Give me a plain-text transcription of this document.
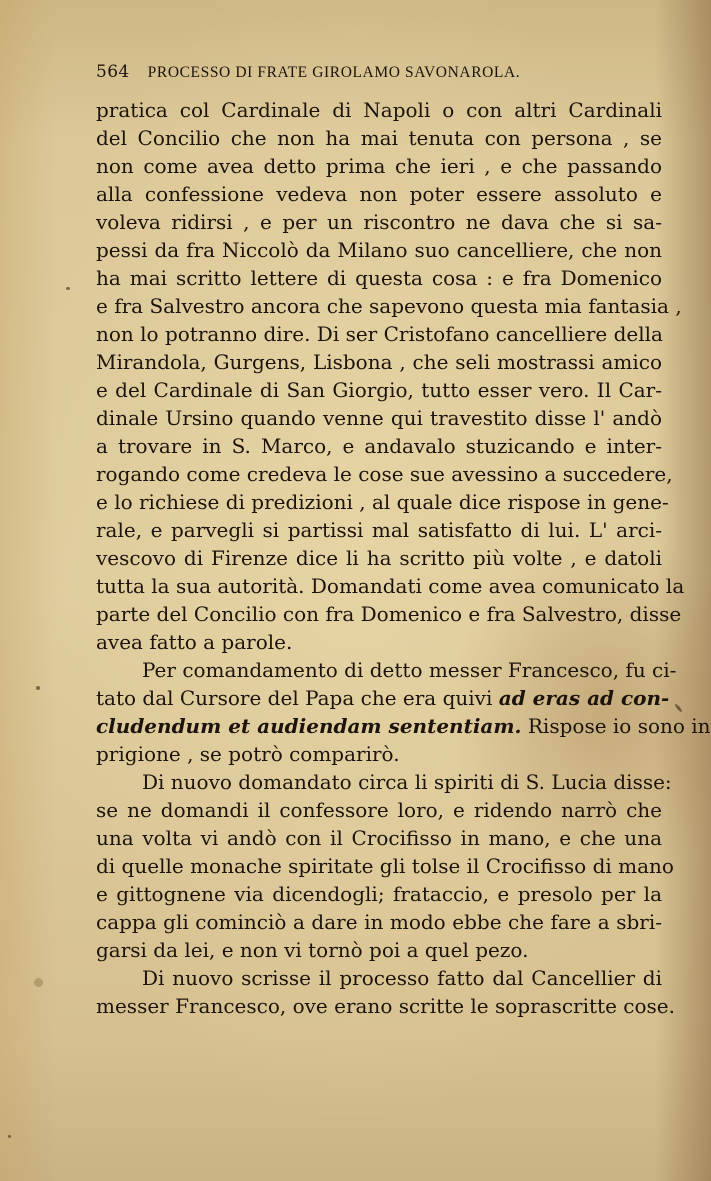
564 PROCESSO DI FRATE GIROLAMO SAVONAROLA.
pratica col Cardinale di Napoli o con altri Cardinali
del Concilio che non ha mai tenuta con persona , se
non come avea detto prima che ieri , e che passando
alla confessione vedeva non poter essere assoluto e
voleva ridirsi , e per un riscontro ne dava che si sa-
pessi da fra Niccolò da Milano suo cancelliere, che non
ha mai scritto lettere di questa cosa : e fra Domenico
e fra Salvestro ancora che sapevono questa mia fantasia ,
non lo potranno dire. Di ser Cristofano cancelliere della
Mirandola, Gurgens, Lisbona , che seli mostrassi amico
e del Cardinale di San Giorgio, tutto esser vero. Il Car-
dinale Ursino quando venne qui travestito disse l' andò
a trovare in S. Marco, e andavalo stuzicando e inter-
rogando come credeva le cose sue avessino a succedere,
e lo richiese di predizioni , al quale dice rispose in gene-
rale, e parvegli si partissi mal satisfatto di lui. L' arci-
vescovo di Firenze dice li ha scritto più volte , e datoli
tutta la sua autorità. Domandati come avea comunicato la
parte del Concilio con fra Domenico e fra Salvestro, disse
avea fatto a parole.
Per comandamento di detto messer Francesco, fu ci-
tato dal Cursore del Papa che era quivi ad eras ad con-
cludendum et audiendam sententiam. Rispose io sono in
prigione , se potrò comparirò.
Di nuovo domandato circa li spiriti di S. Lucia disse:
se ne domandi il confessore loro, e ridendo narrò che
una volta vi andò con il Crocifisso in mano, e che una
di quelle monache spiritate gli tolse il Crocifisso di mano
e gittognene via dicendogli; frataccio, e presolo per la
cappa gli cominciò a dare in modo ebbe che fare a sbri-
garsi da lei, e non vi tornò poi a quel pezo.
Di nuovo scrisse il processo fatto dal Cancellier di
messer Francesco, ove erano scritte le soprascritte cose.
